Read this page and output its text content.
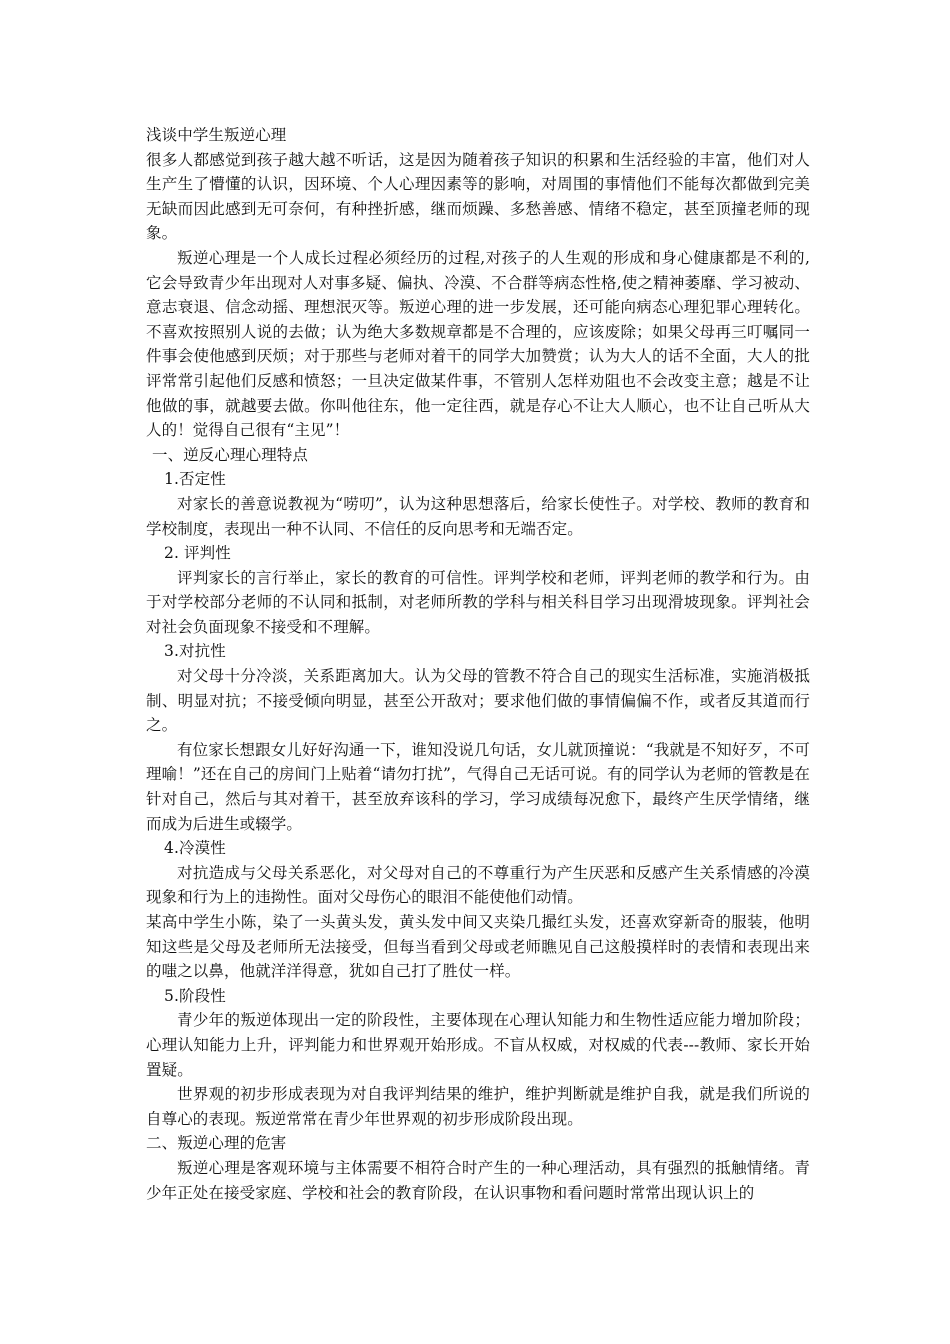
浅谈中学生叛逆心理

很多人都感觉到孩子越大越不听话，这是因为随着孩子知识的积累和生活经验的丰富，他们对人生产生了懵懂的认识，因环境、个人心理因素等的影响，对周围的事情他们不能每次都做到完美无缺而因此感到无可奈何，有种挫折感，继而烦躁、多愁善感、情绪不稳定，甚至顶撞老师的现象。

叛逆心理是一个人成长过程必须经历的过程,对孩子的人生观的形成和身心健康都是不利的,它会导致青少年出现对人对事多疑、偏执、冷漠、不合群等病态性格,使之精神萎靡、学习被动、意志衰退、信念动摇、理想泯灭等。叛逆心理的进一步发展，还可能向病态心理犯罪心理转化。不喜欢按照别人说的去做；认为绝大多数规章都是不合理的，应该废除；如果父母再三叮嘱同一件事会使他感到厌烦；对于那些与老师对着干的同学大加赞赏；认为大人的话不全面，大人的批评常常引起他们反感和愤怒；一旦决定做某件事，不管别人怎样劝阻也不会改变主意；越是不让他做的事，就越要去做。你叫他往东，他一定往西，就是存心不让大人顺心，也不让自己听从大人的！觉得自己很有“主见”！

一、逆反心理心理特点

1.否定性

对家长的善意说教视为“唠叨”，认为这种思想落后，给家长使性子。对学校、教师的教育和学校制度，表现出一种不认同、不信任的反向思考和无端否定。

2. 评判性

评判家长的言行举止，家长的教育的可信性。评判学校和老师，评判老师的教学和行为。由于对学校部分老师的不认同和抵制，对老师所教的学科与相关科目学习出现滑坡现象。评判社会对社会负面现象不接受和不理解。

3.对抗性

对父母十分冷淡，关系距离加大。认为父母的管教不符合自己的现实生活标准，实施消极抵制、明显对抗；不接受倾向明显，甚至公开敌对；要求他们做的事情偏偏不作，或者反其道而行之。

有位家长想跟女儿好好沟通一下，谁知没说几句话，女儿就顶撞说：“我就是不知好歹，不可理喻！”还在自己的房间门上贴着“请勿打扰”，气得自己无话可说。有的同学认为老师的管教是在针对自己，然后与其对着干，甚至放弃该科的学习，学习成绩每况愈下，最终产生厌学情绪，继而成为后进生或辍学。

4.冷漠性

对抗造成与父母关系恶化，对父母对自己的不尊重行为产生厌恶和反感产生关系情感的冷漠现象和行为上的违拗性。面对父母伤心的眼泪不能使他们动情。

某高中学生小陈，染了一头黄头发，黄头发中间又夹染几撮红头发，还喜欢穿新奇的服装，他明知这些是父母及老师所无法接受，但每当看到父母或老师瞧见自己这般摸样时的表情和表现出来的嗤之以鼻，他就洋洋得意，犹如自己打了胜仗一样。

5.阶段性

青少年的叛逆体现出一定的阶段性，主要体现在心理认知能力和生物性适应能力增加阶段；心理认知能力上升，评判能力和世界观开始形成。不盲从权威，对权威的代表---教师、家长开始置疑。

世界观的初步形成表现为对自我评判结果的维护，维护判断就是维护自我，就是我们所说的自尊心的表现。叛逆常常在青少年世界观的初步形成阶段出现。

二、叛逆心理的危害

叛逆心理是客观环境与主体需要不相符合时产生的一种心理活动，具有强烈的抵触情绪。青少年正处在接受家庭、学校和社会的教育阶段，在认识事物和看问题时常常出现认识上的
